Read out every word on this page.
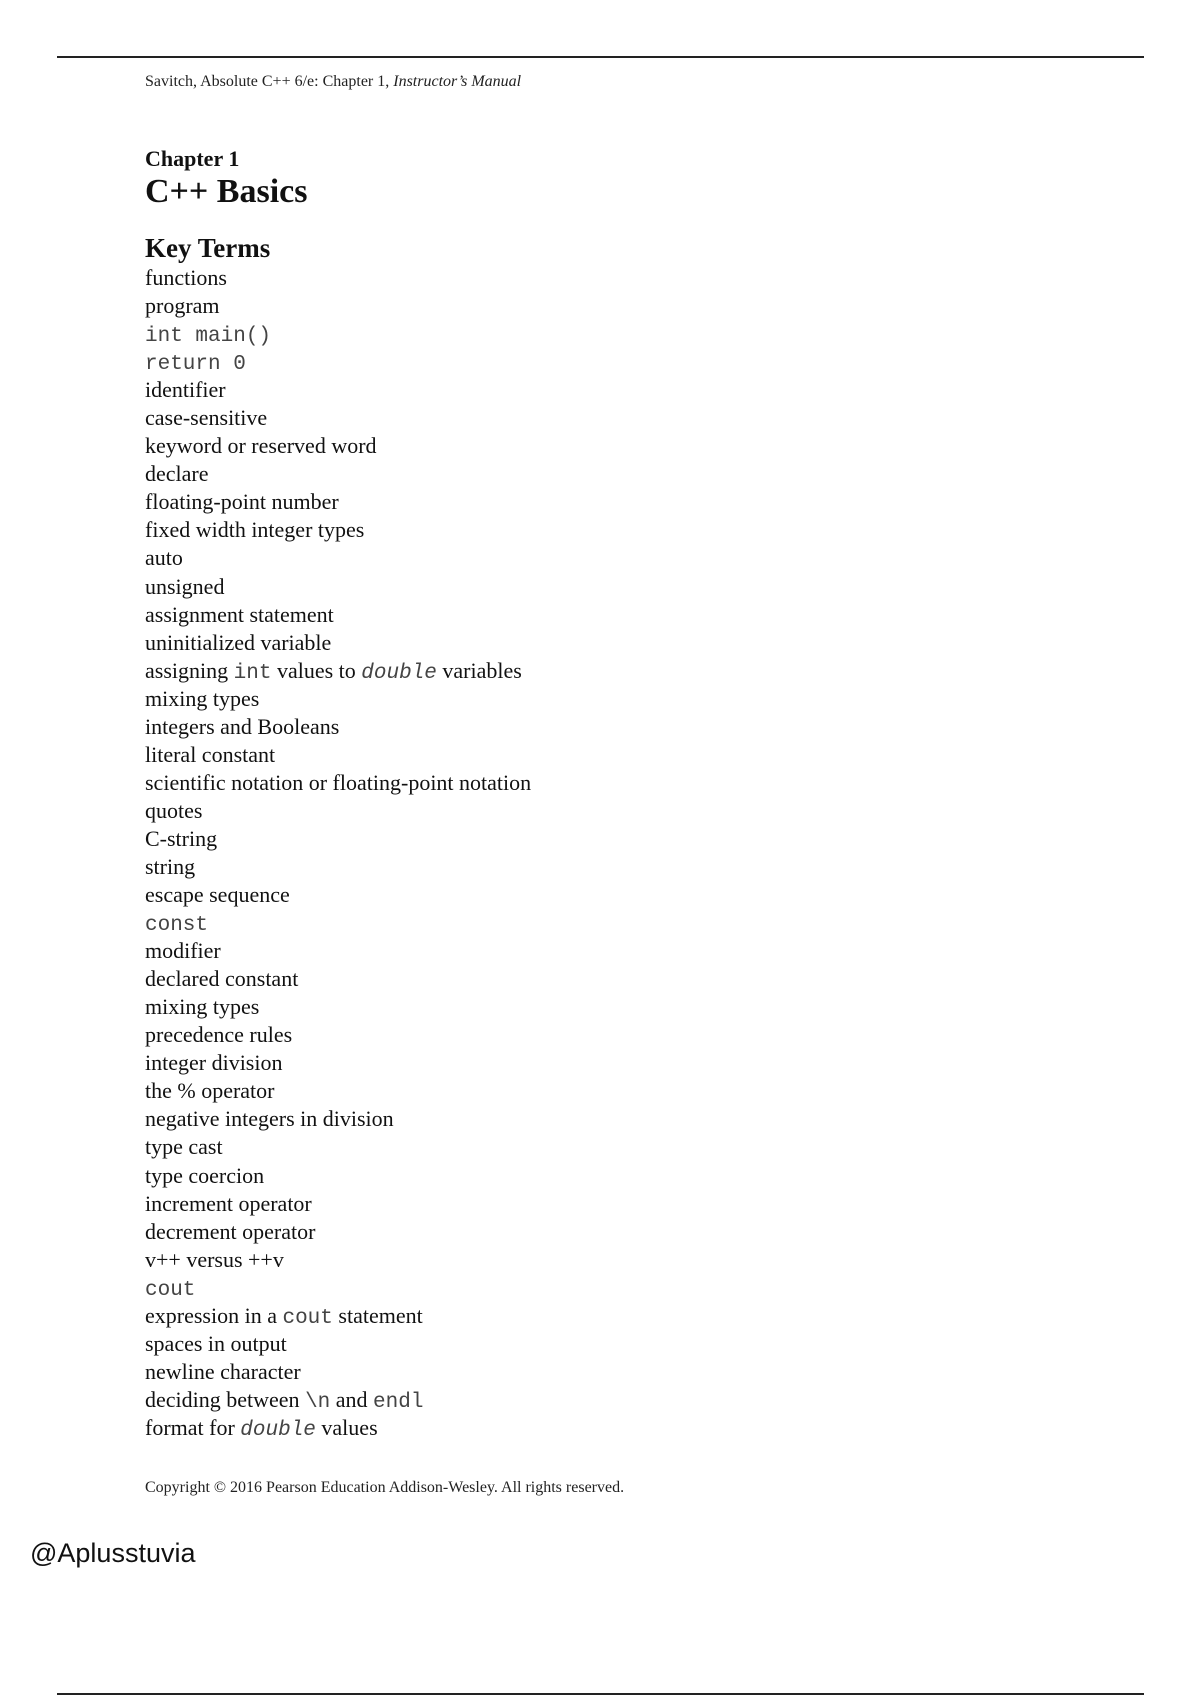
Savitch, Absolute C++ 6/e: Chapter 1, Instructor’s Manual
Chapter 1
C++ Basics
Key Terms
functions
program
int main()
return 0
identifier
case-sensitive
keyword or reserved word
declare
floating-point number
fixed width integer types
auto
unsigned
assignment statement
uninitialized variable
assigning int values to double variables
mixing types
integers and Booleans
literal constant
scientific notation or floating-point notation
quotes
C-string
string
escape sequence
const
modifier
declared constant
mixing types
precedence rules
integer division
the % operator
negative integers in division
type cast
type coercion
increment operator
decrement operator
v++ versus ++v
cout
expression in a cout statement
spaces in output
newline character
deciding between \n and endl
format for double values
Copyright © 2016 Pearson Education Addison-Wesley. All rights reserved.
@Aplusstuvia
